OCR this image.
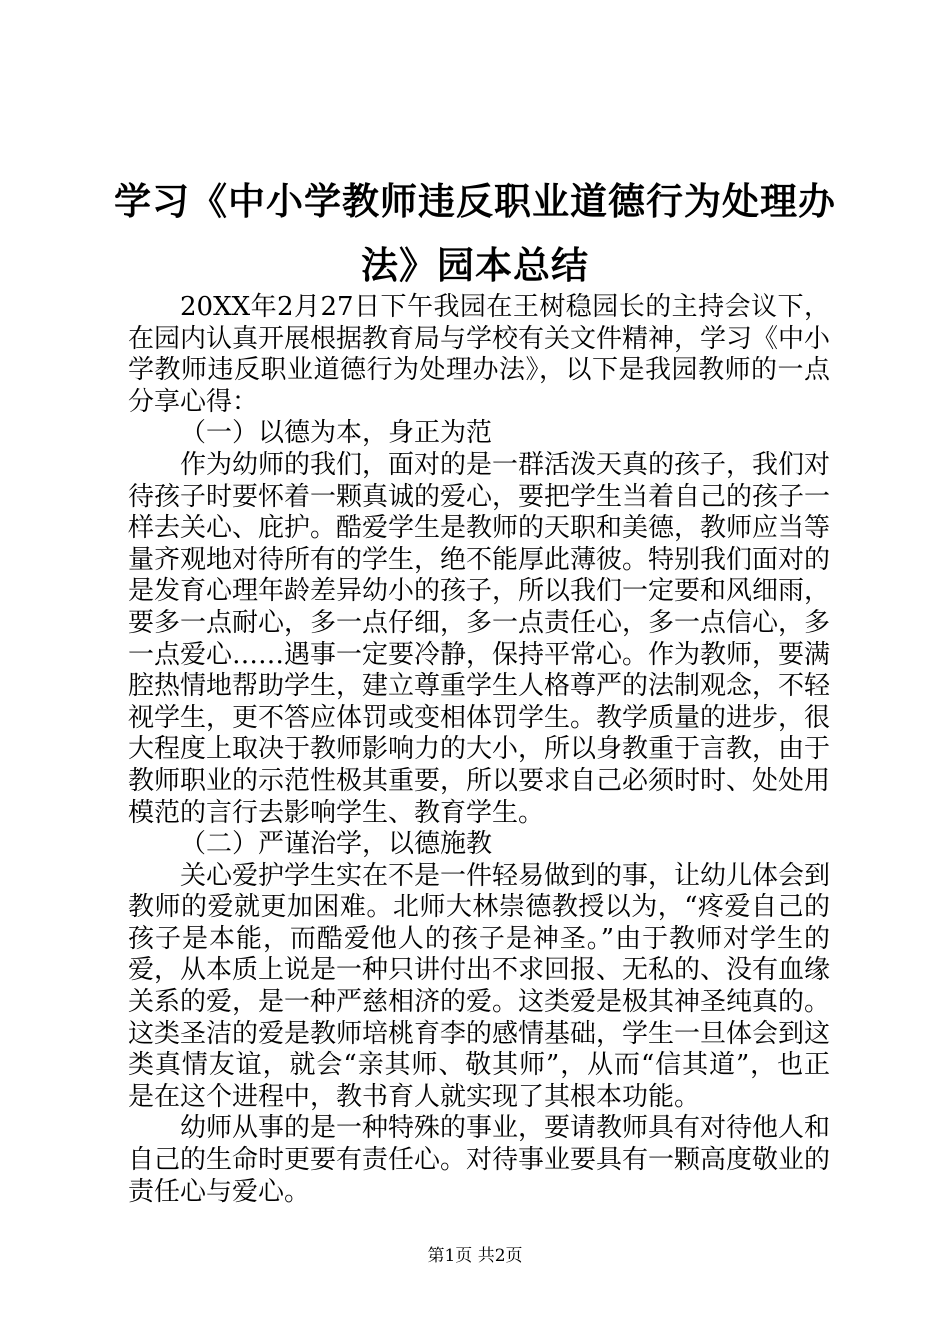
学习《中小学教师违反职业道德行为处理办
法》园本总结

20XX年2月27日下午我园在王树稳园长的主持会议下，在园内认真开展根据教育局与学校有关文件精神，学习《中小学教师违反职业道德行为处理办法》，以下是我园教师的一点分享心得：

（一）以德为本，身正为范

作为幼师的我们，面对的是一群活泼天真的孩子，我们对待孩子时要怀着一颗真诚的爱心，要把学生当着自己的孩子一样去关心、庇护。酷爱学生是教师的天职和美德，教师应当等量齐观地对待所有的学生，绝不能厚此薄彼。特别我们面对的是发育心理年龄差异幼小的孩子，所以我们一定要和风细雨，要多一点耐心，多一点仔细，多一点责任心，多一点信心，多一点爱心……遇事一定要冷静，保持平常心。作为教师，要满腔热情地帮助学生，建立尊重学生人格尊严的法制观念，不轻视学生，更不答应体罚或变相体罚学生。教学质量的进步，很大程度上取决于教师影响力的大小，所以身教重于言教，由于教师职业的示范性极其重要，所以要求自己必须时时、处处用模范的言行去影响学生、教育学生。

（二）严谨治学，以德施教

关心爱护学生实在不是一件轻易做到的事，让幼儿体会到教师的爱就更加困难。北师大林崇德教授以为，“疼爱自己的孩子是本能，而酷爱他人的孩子是神圣。”由于教师对学生的爱，从本质上说是一种只讲付出不求回报、无私的、没有血缘关系的爱，是一种严慈相济的爱。这类爱是极其神圣纯真的。这类圣洁的爱是教师培桃育李的感情基础，学生一旦体会到这类真情友谊，就会“亲其师、敬其师”，从而“信其道”，也正是在这个进程中，教书育人就实现了其根本功能。

幼师从事的是一种特殊的事业，要请教师具有对待他人和自己的生命时更要有责任心。对待事业要具有一颗高度敬业的责任心与爱心。

第1页 共2页
